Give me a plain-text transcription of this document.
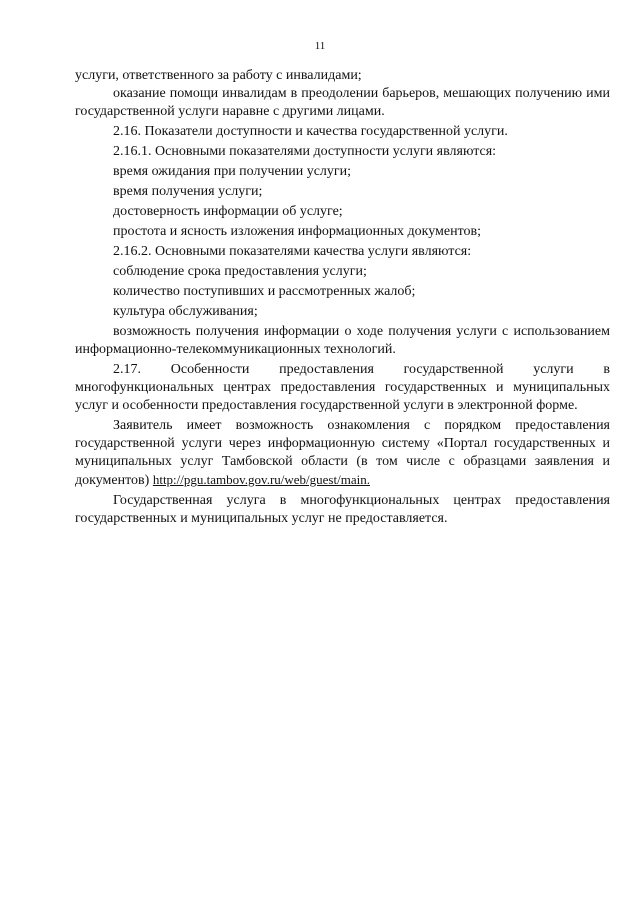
11

услуги, ответственного за работу с инвалидами;

оказание помощи инвалидам в преодолении барьеров, мешающих получению ими государственной услуги наравне с другими лицами.

2.16. Показатели доступности и качества государственной услуги.

2.16.1. Основными показателями доступности услуги являются:

время ожидания при получении услуги;

время получения услуги;

достоверность информации об услуге;

простота и ясность изложения информационных документов;

2.16.2. Основными показателями качества услуги являются:

соблюдение срока предоставления услуги;

количество поступивших и рассмотренных жалоб;

культура обслуживания;

возможность получения информации о ходе получения услуги с использованием информационно-телекоммуникационных технологий.

2.17. Особенности предоставления государственной услуги в многофункциональных центрах предоставления государственных и муниципальных услуг и особенности предоставления государственной услуги в электронной форме.

Заявитель имеет возможность ознакомления с порядком предоставления государственной услуги через информационную систему «Портал государственных и муниципальных услуг Тамбовской области (в том числе с образцами заявления и документов) http://pgu.tambov.gov.ru/web/guest/main.

Государственная услуга в многофункциональных центрах предоставления государственных и муниципальных услуг не предоставляется.
